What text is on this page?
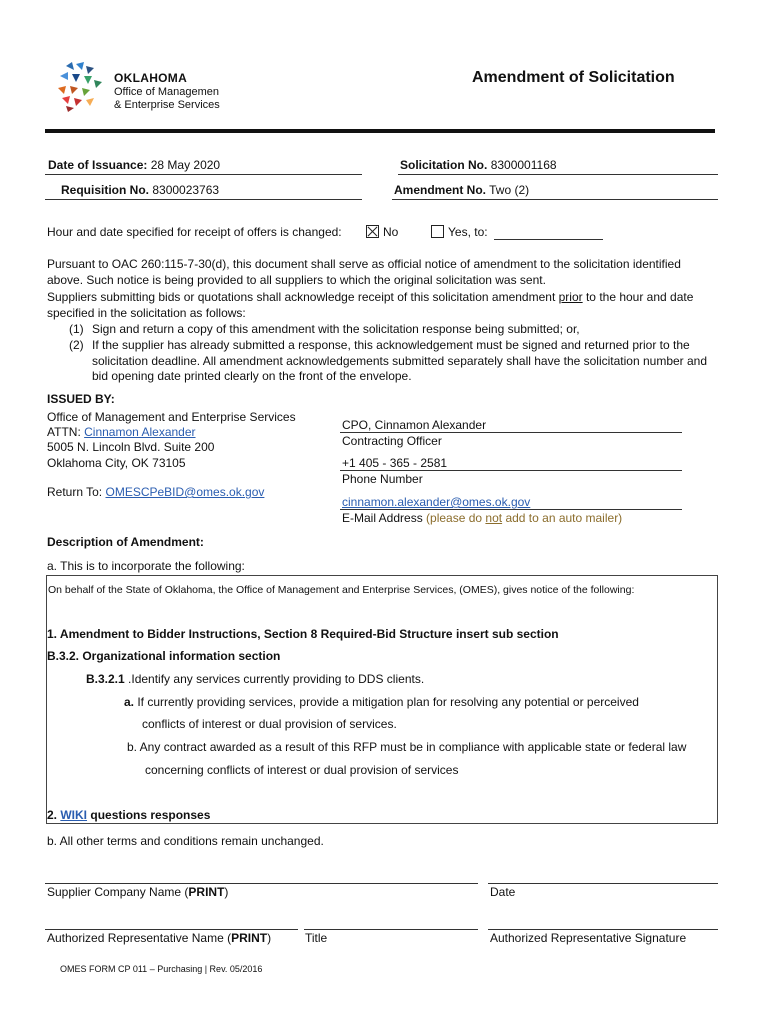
OKLAHOMA
Office of Managemen
& Enterprise Services
Amendment of Solicitation
Date of Issuance: 28 May 2020	Solicitation No. 8300001168
Requisition No. 8300023763	Amendment No. Two (2)
Hour and date specified for receipt of offers is changed:	No	Yes, to:
Pursuant to OAC 260:115-7-30(d), this document shall serve as official notice of amendment to the solicitation identified above. Such notice is being provided to all suppliers to which the original solicitation was sent.
Suppliers submitting bids or quotations shall acknowledge receipt of this solicitation amendment prior to the hour and date specified in the solicitation as follows:
(1) Sign and return a copy of this amendment with the solicitation response being submitted; or,
(2) If the supplier has already submitted a response, this acknowledgement must be signed and returned prior to the solicitation deadline. All amendment acknowledgements submitted separately shall have the solicitation number and bid opening date printed clearly on the front of the envelope.
ISSUED BY:
Office of Management and Enterprise Services
ATTN: Cinnamon Alexander
5005 N. Lincoln Blvd. Suite 200
Oklahoma City, OK 73105
Return To: OMESCPeBID@omes.ok.gov
CPO, Cinnamon Alexander
Contracting Officer
+1 405 - 365 - 2581
Phone Number
cinnamon.alexander@omes.ok.gov
E-Mail Address (please do not add to an auto mailer)
Description of Amendment:
a. This is to incorporate the following:
On behalf of the State of Oklahoma, the Office of Management and Enterprise Services, (OMES), gives notice of the following:
1. Amendment to Bidder Instructions, Section 8 Required-Bid Structure insert sub section
B.3.2. Organizational information section
B.3.2.1 .Identify any services currently providing to DDS clients.
a. If currently providing services, provide a mitigation plan for resolving any potential or perceived
conflicts of interest or dual provision of services.
b. Any contract awarded as a result of this RFP must be in compliance with applicable state or federal law
concerning conflicts of interest or dual provision of services
2. WIKI questions responses
b. All other terms and conditions remain unchanged.
Supplier Company Name (PRINT)	Date
Authorized Representative Name (PRINT)	Title	Authorized Representative Signature
OMES FORM CP 011 – Purchasing | Rev. 05/2016
